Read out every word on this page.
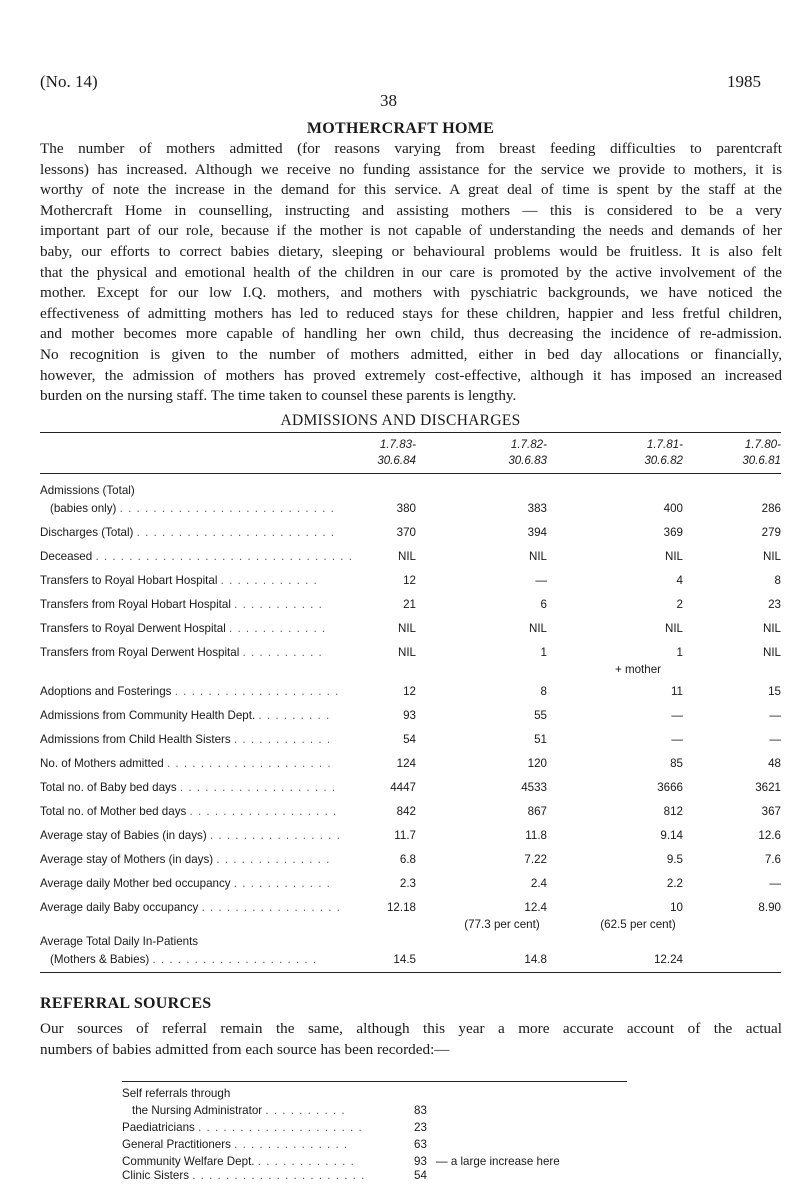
(No. 14)	1985
38
MOTHERCRAFT HOME
The number of mothers admitted (for reasons varying from breast feeding difficulties to parentcraft
lessons) has increased. Although we receive no funding assistance for the service we provide to mothers, it is
worthy of note the increase in the demand for this service. A great deal of time is spent by the staff at the
Mothercraft Home in counselling, instructing and assisting mothers — this is considered to be a very
important part of our role, because if the mother is not capable of understanding the needs and demands of her
baby, our efforts to correct babies dietary, sleeping or behavioural problems would be fruitless. It is also felt
that the physical and emotional health of the children in our care is promoted by the active involvement of the
mother. Except for our low I.Q. mothers, and mothers with pyschiatric backgrounds, we have noticed the
effectiveness of admitting mothers has led to reduced stays for these children, happier and less fretful children,
and mother becomes more capable of handling her own child, thus decreasing the incidence of re-admission.
No recognition is given to the number of mothers admitted, either in bed day allocations or financially,
however, the admission of mothers has proved extremely cost-effective, although it has imposed an increased
burden on the nursing staff. The time taken to counsel these parents is lengthy.
ADMISSIONS AND DISCHARGES
1.7.83-
30.6.84
1.7.82-
30.6.83
1.7.81-
30.6.82
1.7.80-
30.6.81
Admissions (Total)
(babies only) . . . . . . . . . . . . . . . . . . . . . . . . . .	380	383	400	286
Discharges (Total) . . . . . . . . . . . . . . . . . . . . . . . .	370	394	369	279
Deceased . . . . . . . . . . . . . . . . . . . . . . . . . . . . . . .	NIL	NIL	NIL	NIL
Transfers to Royal Hobart Hospital . . . . . . . . . . . .	12	—	4	8
Transfers from Royal Hobart Hospital . . . . . . . . . . .	21	6	2	23
Transfers to Royal Derwent Hospital . . . . . . . . . . . .	NIL	NIL	NIL	NIL
Transfers from Royal Derwent Hospital . . . . . . . . . .	NIL	1	1	NIL
+ mother
Adoptions and Fosterings . . . . . . . . . . . . . . . . . . . .	12	8	11	15
Admissions from Community Health Dept. . . . . . . . . .	93	55	—	—
Admissions from Child Health Sisters . . . . . . . . . . . .	54	51	—	—
No. of Mothers admitted . . . . . . . . . . . . . . . . . . . .	124	120	85	48
Total no. of Baby bed days . . . . . . . . . . . . . . . . . . .	4447	4533	3666	3621
Total no. of Mother bed days . . . . . . . . . . . . . . . . . .	842	867	812	367
Average stay of Babies (in days) . . . . . . . . . . . . . . . .	11.7	11.8	9.14	12.6
Average stay of Mothers (in days) . . . . . . . . . . . . . .	6.8	7.22	9.5	7.6
Average daily Mother bed occupancy . . . . . . . . . . . .	2.3	2.4	2.2	—
Average daily Baby occupancy . . . . . . . . . . . . . . . . .	12.18	12.4	10	8.90
(77.3 per cent)	(62.5 per cent)
Average Total Daily In-Patients
(Mothers & Babies) . . . . . . . . . . . . . . . . . . . .	14.5	14.8	12.24
REFERRAL SOURCES
Our sources of referral remain the same, although this year a more accurate account of the actual
numbers of babies admitted from each source has been recorded:—
Self referrals through
the Nursing Administrator . . . . . . . . . .	83
Paediatricians . . . . . . . . . . . . . . . . . . . .	23
General Practitioners . . . . . . . . . . . . . .	63
Community Welfare Dept. . . . . . . . . . . . .	93 — a large increase here
Clinic Sisters . . . . . . . . . . . . . . . . . . . . .	54
